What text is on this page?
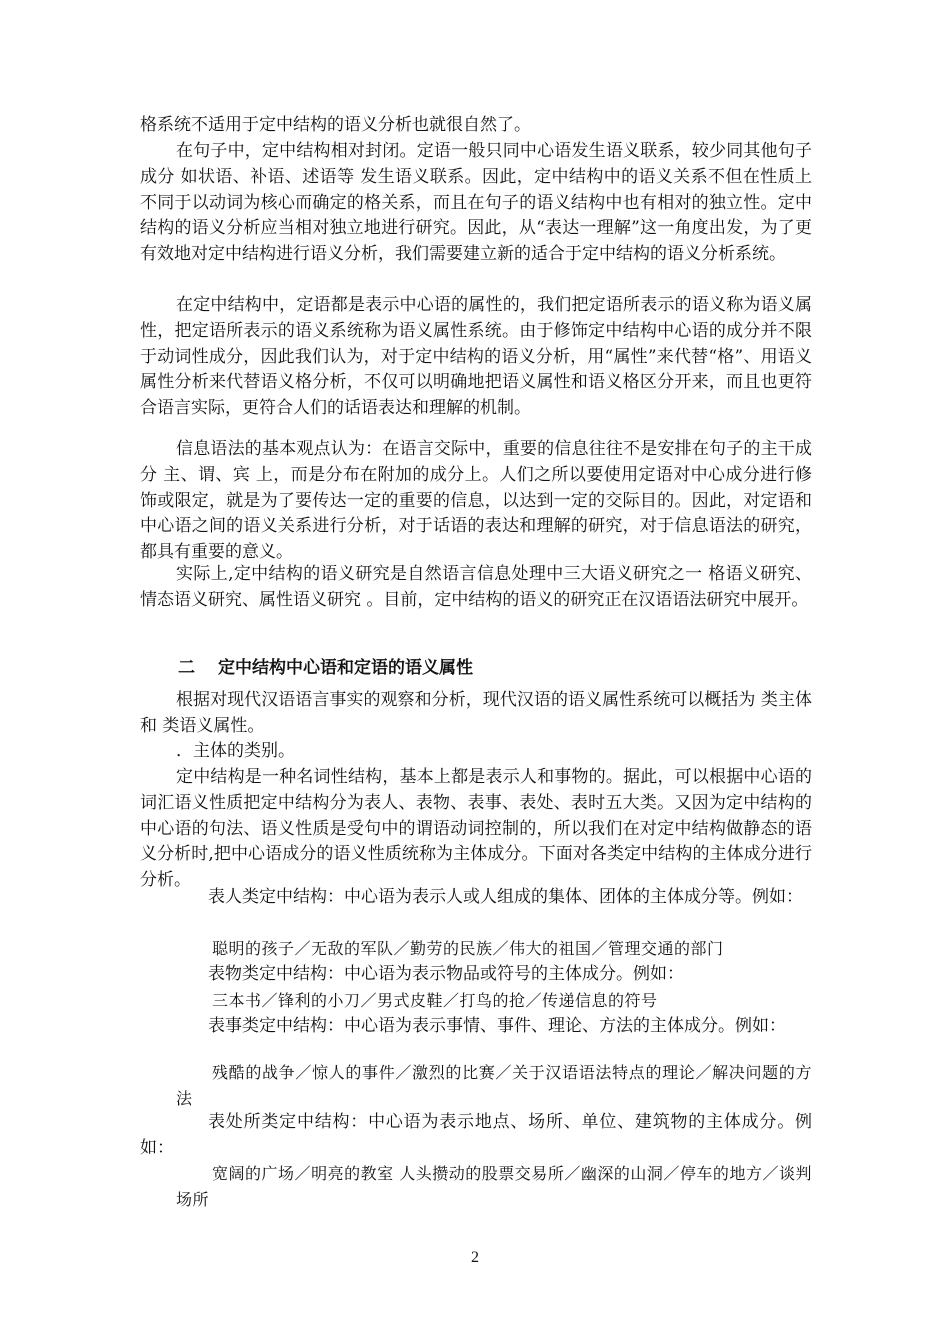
格系统不适用于定中结构的语义分析也就很自然了。

在句子中，定中结构相对封闭。定语一般只同中心语发生语义联系，较少同其他句子成分 如状语、补语、述语等 发生语义联系。因此，定中结构中的语义关系不但在性质上不同于以动词为核心而确定的格关系，而且在句子的语义结构中也有相对的独立性。定中结构的语义分析应当相对独立地进行研究。因此，从“表达一理解”这一角度出发，为了更有效地对定中结构进行语义分析，我们需要建立新的适合于定中结构的语义分析系统。

在定中结构中，定语都是表示中心语的属性的，我们把定语所表示的语义称为语义属性，把定语所表示的语义系统称为语义属性系统。由于修饰定中结构中心语的成分并不限于动词性成分，因此我们认为，对于定中结构的语义分析，用“属性”来代替“格”、用语义属性分析来代替语义格分析，不仅可以明确地把语义属性和语义格区分开来，而且也更符合语言实际，更符合人们的话语表达和理解的机制。

信息语法的基本观点认为：在语言交际中，重要的信息往往不是安排在句子的主干成分 主、谓、宾 上，而是分布在附加的成分上。人们之所以要使用定语对中心成分进行修饰或限定，就是为了要传达一定的重要的信息，以达到一定的交际目的。因此，对定语和中心语之间的语义关系进行分析，对于话语的表达和理解的研究，对于信息语法的研究，都具有重要的意义。

实际上,定中结构的语义研究是自然语言信息处理中三大语义研究之一 格语义研究、情态语义研究、属性语义研究 。目前，定中结构的语义的研究正在汉语语法研究中展开。

二 定中结构中心语和定语的语义属性

根据对现代汉语语言事实的观察和分析，现代汉语的语义属性系统可以概括为 类主体和 类语义属性。

．主体的类别。

定中结构是一种名词性结构，基本上都是表示人和事物的。据此，可以根据中心语的词汇语义性质把定中结构分为表人、表物、表事、表处、表时五大类。又因为定中结构的中心语的句法、语义性质是受句中的谓语动词控制的，所以我们在对定中结构做静态的语义分析时,把中心语成分的语义性质统称为主体成分。下面对各类定中结构的主体成分进行分析。

表人类定中结构：中心语为表示人或人组成的集体、团体的主体成分等。例如：

聪明的孩子／无敌的军队／勤劳的民族／伟大的祖国／管理交通的部门

表物类定中结构：中心语为表示物品或符号的主体成分。例如：

三本书／锋利的小刀／男式皮鞋／打鸟的抢／传递信息的符号

表事类定中结构：中心语为表示事情、事件、理论、方法的主体成分。例如：

残酷的战争／惊人的事件／激烈的比赛／关于汉语语法特点的理论／解决问题的方法

表处所类定中结构：中心语为表示地点、场所、单位、建筑物的主体成分。例如：

宽阔的广场／明亮的教室 人头攒动的股票交易所／幽深的山洞／停车的地方／谈判场所

2
